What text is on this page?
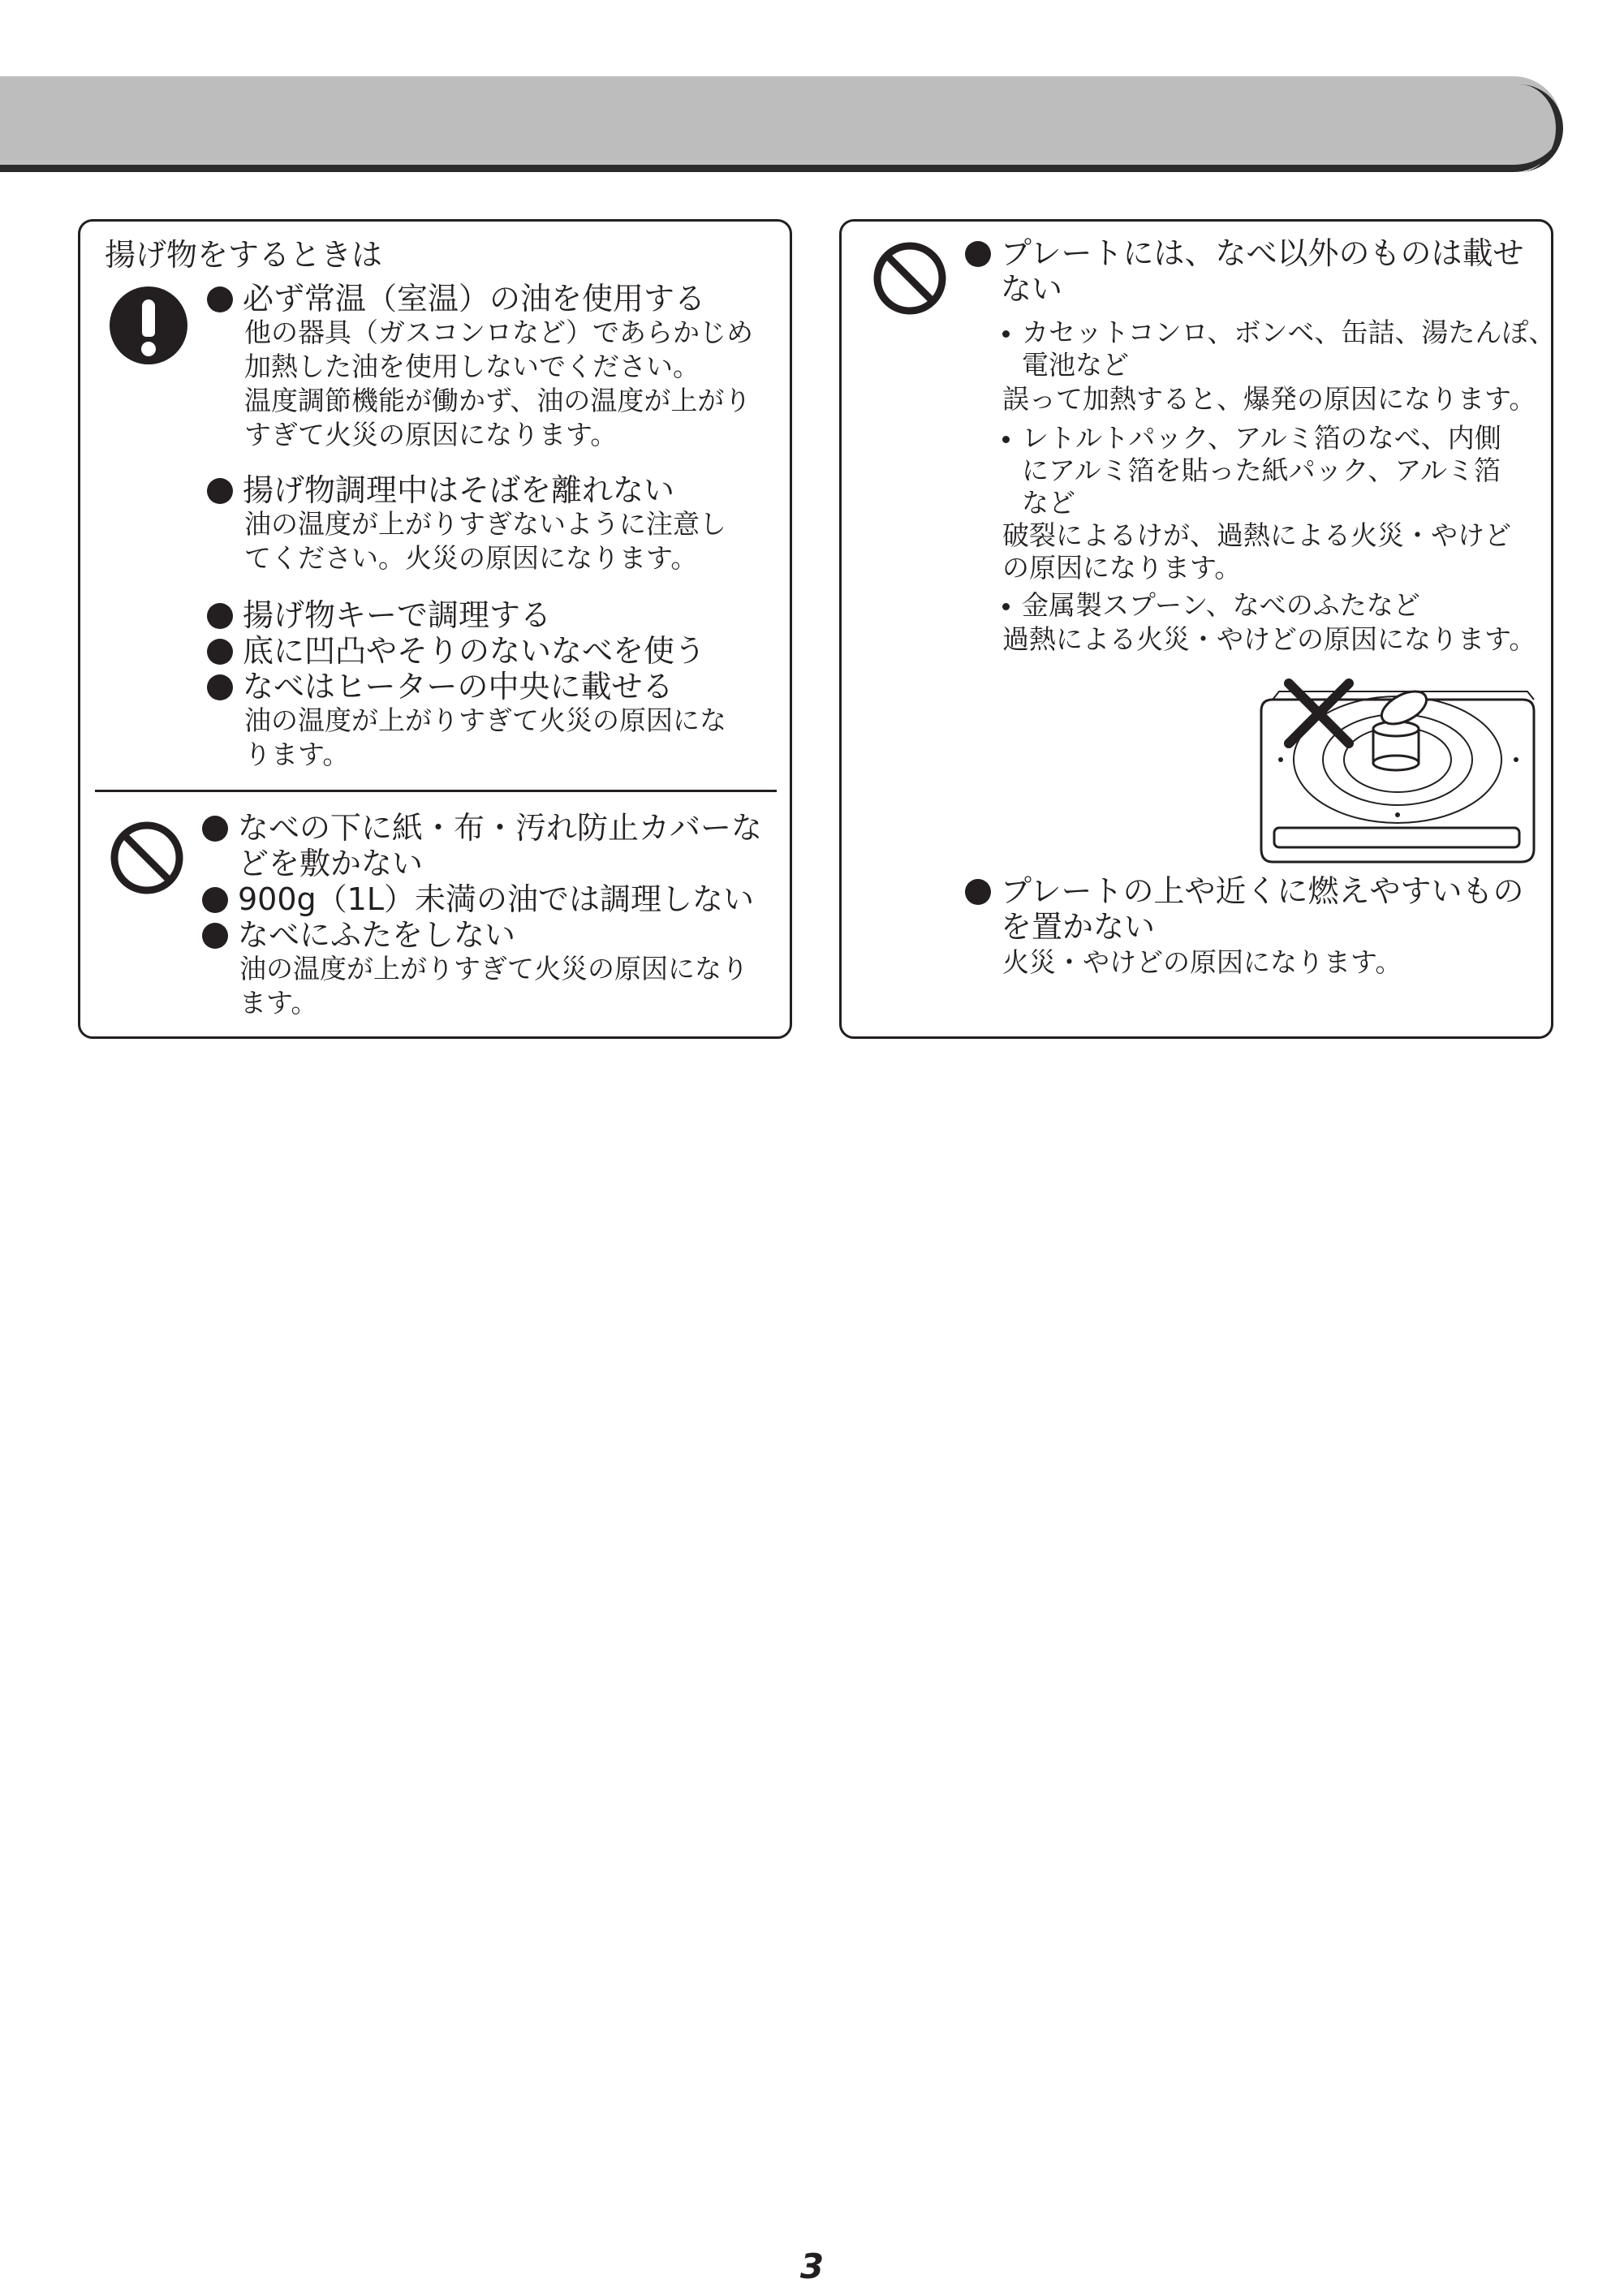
揚げ物をするときは
必ず常温（室温）の油を使用する
他の器具（ガスコンロなど）であらかじめ
加熱した油を使用しないでください。
温度調節機能が働かず、油の温度が上がり
すぎて火災の原因になります。
揚げ物調理中はそばを離れない
油の温度が上がりすぎないように注意し
てください。火災の原因になります。
揚げ物キーで調理する
底に凹凸やそりのないなべを使う
なべはヒーターの中央に載せる
油の温度が上がりすぎて火災の原因にな
ります。
なべの下に紙・布・汚れ防止カバーな
どを敷かない
900g（1L）未満の油では調理しない
なべにふたをしない
油の温度が上がりすぎて火災の原因になり
ます。
プレートには、なべ以外のものは載せ
ない
カセットコンロ、ボンベ、缶詰、湯たんぽ、
電池など
誤って加熱すると、爆発の原因になります。
レトルトパック、アルミ箔のなべ、内側
にアルミ箔を貼った紙パック、アルミ箔
など
破裂によるけが、過熱による火災・やけど
の原因になります。
金属製スプーン、なべのふたなど
過熱による火災・やけどの原因になります。
プレートの上や近くに燃えやすいもの
を置かない
火災・やけどの原因になります。
3
